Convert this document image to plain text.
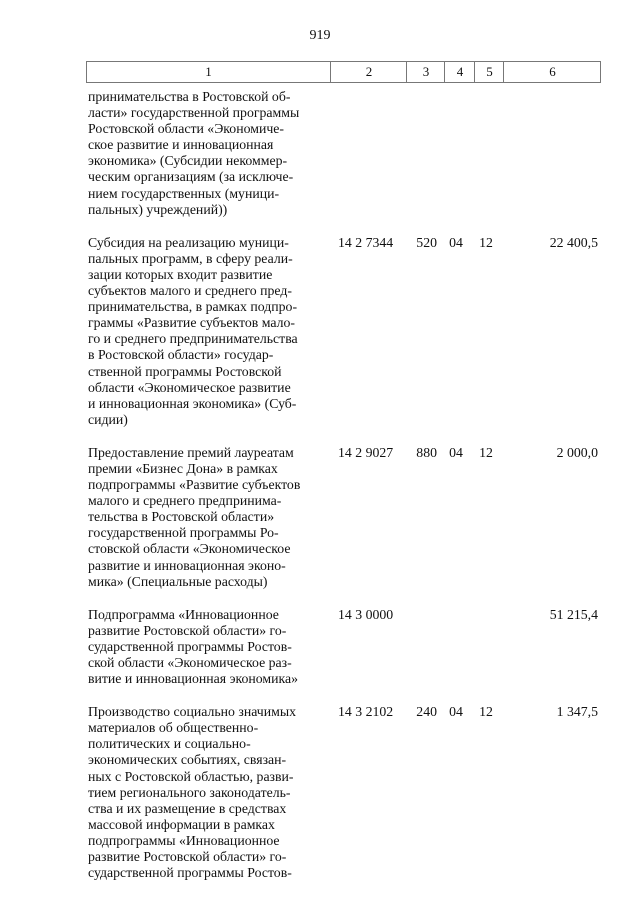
919
1	2	3	4	5	6
принимательства в Ростовской об-
ласти» государственной программы
Ростовской области «Экономиче-
ское развитие и инновационная
экономика» (Субсидии некоммер-
ческим организациям (за исключе-
нием государственных (муници-
пальных) учреждений))
Субсидия на реализацию муници-
пальных программ, в сферу реали-
зации которых входит развитие
субъектов малого и среднего пред-
принимательства, в рамках подпро-
граммы «Развитие субъектов мало-
го и среднего предпринимательства
в Ростовской области» государ-
ственной программы Ростовской
области «Экономическое развитие
и инновационная экономика» (Суб-
сидии)
14 2 7344	520 04 12	22 400,5
Предоставление премий лауреатам
премии «Бизнес Дона» в рамках
подпрограммы «Развитие субъектов
малого и среднего предпринима-
тельства в Ростовской области»
государственной программы Ро-
стовской области «Экономическое
развитие и инновационная эконо-
мика» (Специальные расходы)
14 2 9027	880 04 12	2 000,0
Подпрограмма «Инновационное
развитие Ростовской области» го-
сударственной программы Ростов-
ской области «Экономическое раз-
витие и инновационная экономика»
14 3 0000	51 215,4
Производство социально значимых
материалов об общественно-
политических и социально-
экономических событиях, связан-
ных с Ростовской областью, разви-
тием регионального законодатель-
ства и их размещение в средствах
массовой информации в рамках
подпрограммы «Инновационное
развитие Ростовской области» го-
сударственной программы Ростов-
14 3 2102	240 04 12	1 347,5
